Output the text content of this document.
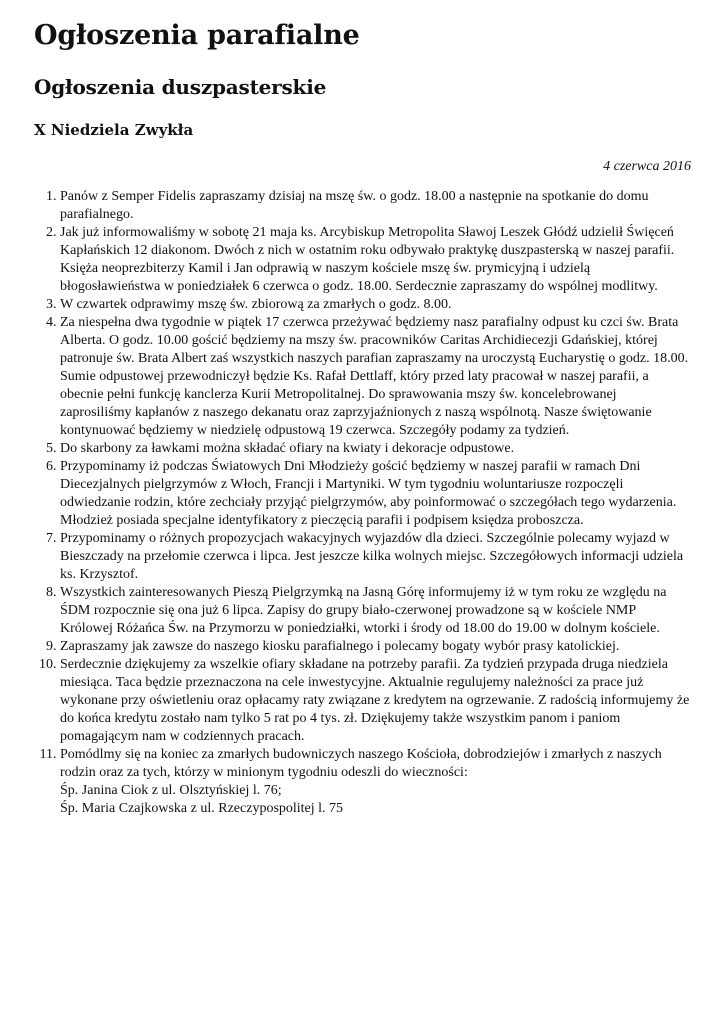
Ogłoszenia parafialne
Ogłoszenia duszpasterskie
X Niedziela Zwykła
4 czerwca 2016
1. Panów z Semper Fidelis zapraszamy dzisiaj na mszę św. o godz. 18.00 a następnie na spotkanie do domu parafialnego.
2. Jak już informowaliśmy w sobotę 21 maja ks. Arcybiskup Metropolita Sławoj Leszek Głódź udzielił Święceń Kapłańskich 12 diakonom. Dwóch z nich w ostatnim roku odbywało praktykę duszpasterską w naszej parafii. Księża neoprezbiterzy Kamil i Jan odprawią w naszym kościele mszę św. prymicyjną i udzielą błogosławieństwa w poniedziałek 6 czerwca o godz. 18.00. Serdecznie zapraszamy do wspólnej modlitwy.
3. W czwartek odprawimy mszę św. zbiorową za zmarłych o godz. 8.00.
4. Za niespełna dwa tygodnie w piątek 17 czerwca przeżywać będziemy nasz parafialny odpust ku czci św. Brata Alberta. O godz. 10.00 gościć będziemy na mszy św. pracowników Caritas Archidiecezji Gdańskiej, której patronuje św. Brata Albert zaś wszystkich naszych parafian zapraszamy na uroczystą Eucharystię o godz. 18.00. Sumie odpustowej przewodniczył będzie Ks. Rafał Dettlaff, który przed laty pracował w naszej parafii, a obecnie pełni funkcję kanclerza Kurii Metropolitalnej. Do sprawowania mszy św. koncelebrowanej zaprosiliśmy kapłanów z naszego dekanatu oraz zaprzyjaźnionych z naszą wspólnotą. Nasze świętowanie kontynuować będziemy w niedzielę odpustową 19 czerwca. Szczegóły podamy za tydzień.
5. Do skarbony za ławkami można składać ofiary na kwiaty i dekoracje odpustowe.
6. Przypominamy iż podczas Światowych Dni Młodzieży gościć będziemy w naszej parafii w ramach Dni Diecezjalnych pielgrzymów z Włoch, Francji i Martyniki. W tym tygodniu woluntariusze rozpoczęli odwiedzanie rodzin, które zechciały przyjąć pielgrzymów, aby poinformować o szczegółach tego wydarzenia. Młodzież posiada specjalne identyfikatory z pieczęcią parafii i podpisem księdza proboszcza.
7. Przypominamy o różnych propozycjach wakacyjnych wyjazdów dla dzieci. Szczególnie polecamy wyjazd w Bieszczady na przełomie czerwca i lipca. Jest jeszcze kilka wolnych miejsc. Szczegółowych informacji udziela ks. Krzysztof.
8. Wszystkich zainteresowanych Pieszą Pielgrzymką na Jasną Górę informujemy iż w tym roku ze względu na ŚDM rozpocznie się ona już 6 lipca. Zapisy do grupy biało-czerwonej prowadzone są w kościele NMP Królowej Różańca Św. na Przymorzu w poniedziałki, wtorki i środy od 18.00 do 19.00 w dolnym kościele.
9. Zapraszamy jak zawsze do naszego kiosku parafialnego i polecamy bogaty wybór prasy katolickiej.
10. Serdecznie dziękujemy za wszelkie ofiary składane na potrzeby parafii. Za tydzień przypada druga niedziela miesiąca. Taca będzie przeznaczona na cele inwestycyjne. Aktualnie regulujemy należności za prace już wykonane przy oświetleniu oraz opłacamy raty związane z kredytem na ogrzewanie. Z radością informujemy że do końca kredytu zostało nam tylko 5 rat po 4 tys. zł. Dziękujemy także wszystkim panom i paniom pomagającym nam w codziennych pracach.
11. Pomódlmy się na koniec za zmarłych budowniczych naszego Kościoła, dobrodziejów i zmarłych z naszych rodzin oraz za tych, którzy w minionym tygodniu odeszli do wieczności:
Śp. Janina Ciok z ul. Olsztyńskiej l. 76;
Śp. Maria Czajkowska z ul. Rzeczypospolitej l. 75
